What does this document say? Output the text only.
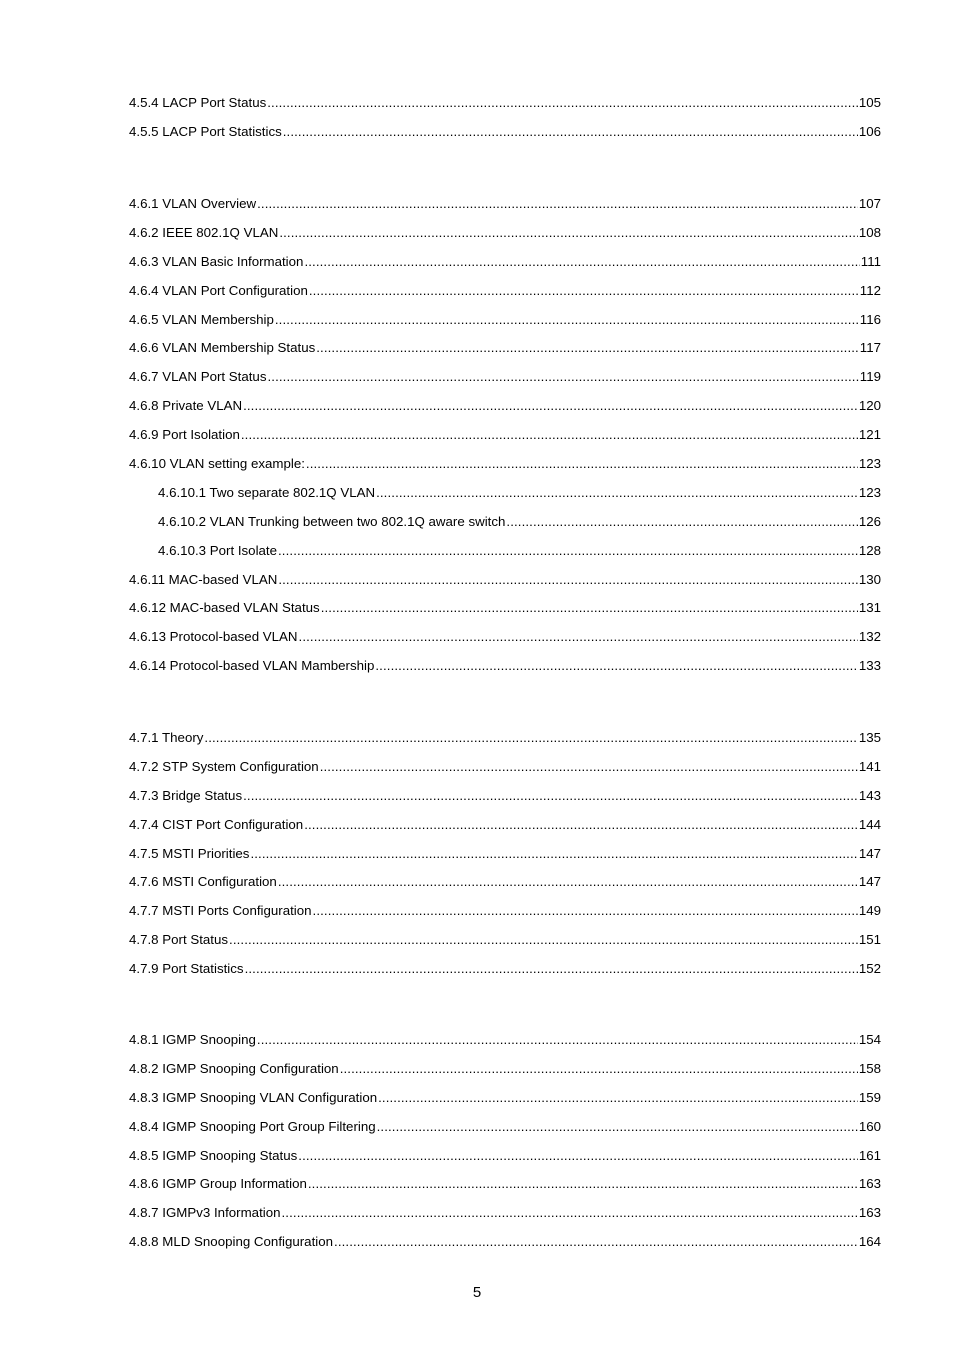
4.5.4 LACP Port Status .....	105
4.5.5 LACP Port Statistics .....	106
4.6.1 VLAN Overview .....	107
4.6.2 IEEE 802.1Q VLAN .....	108
4.6.3 VLAN Basic Information .....	111
4.6.4 VLAN Port Configuration .....	112
4.6.5 VLAN Membership .....	116
4.6.6 VLAN Membership Status .....	117
4.6.7 VLAN Port Status .....	119
4.6.8 Private VLAN .....	120
4.6.9 Port Isolation .....	121
4.6.10 VLAN setting example: .....	123
4.6.10.1 Two separate 802.1Q VLAN .....	123
4.6.10.2 VLAN Trunking between two 802.1Q aware switch .....	126
4.6.10.3 Port Isolate .....	128
4.6.11 MAC-based VLAN .....	130
4.6.12 MAC-based VLAN Status .....	131
4.6.13 Protocol-based VLAN .....	132
4.6.14 Protocol-based VLAN Mambership .....	133
4.7.1 Theory .....	135
4.7.2 STP System Configuration .....	141
4.7.3 Bridge Status .....	143
4.7.4 CIST Port Configuration .....	144
4.7.5 MSTI Priorities .....	147
4.7.6 MSTI Configuration .....	147
4.7.7 MSTI Ports Configuration .....	149
4.7.8 Port Status .....	151
4.7.9 Port Statistics .....	152
4.8.1 IGMP Snooping .....	154
4.8.2 IGMP Snooping Configuration .....	158
4.8.3 IGMP Snooping VLAN Configuration .....	159
4.8.4 IGMP Snooping Port Group Filtering .....	160
4.8.5 IGMP Snooping Status .....	161
4.8.6 IGMP Group Information .....	163
4.8.7 IGMPv3 Information .....	163
4.8.8 MLD Snooping Configuration .....	164
5
